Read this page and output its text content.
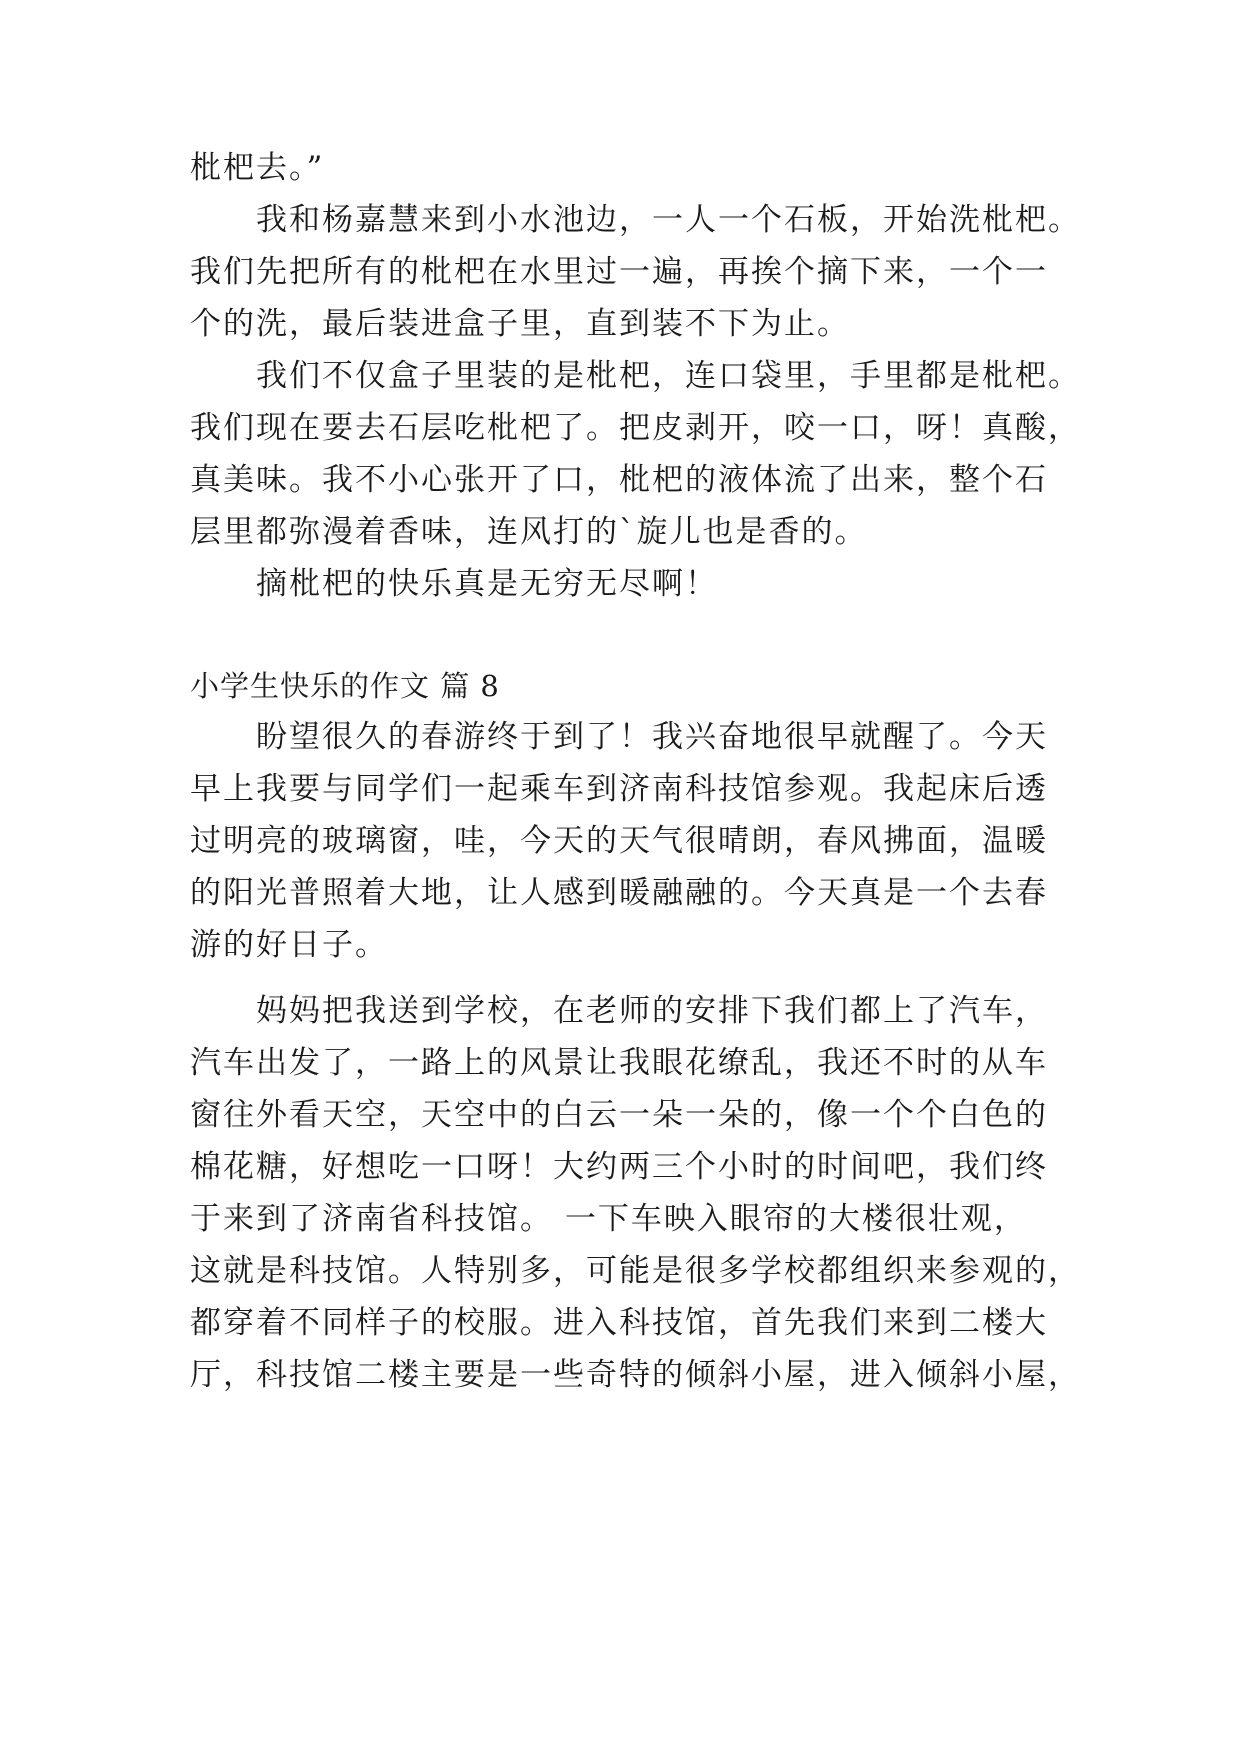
枇杷去。”
　　我和杨嘉慧来到小水池边，一人一个石板，开始洗枇杷。
我们先把所有的枇杷在水里过一遍，再挨个摘下来，一个一
个的洗，最后装进盒子里，直到装不下为止。
　　我们不仅盒子里装的是枇杷，连口袋里，手里都是枇杷。
我们现在要去石层吃枇杷了。把皮剥开，咬一口，呀！真酸，
真美味。我不小心张开了口，枇杷的液体流了出来，整个石
层里都弥漫着香味，连风打的`旋儿也是香的。
　　摘枇杷的快乐真是无穷无尽啊！
小学生快乐的作文 篇 8
　　盼望很久的春游终于到了！我兴奋地很早就醒了。今天
早上我要与同学们一起乘车到济南科技馆参观。我起床后透
过明亮的玻璃窗，哇，今天的天气很晴朗，春风拂面，温暖
的阳光普照着大地，让人感到暖融融的。今天真是一个去春
游的好日子。
　　妈妈把我送到学校，在老师的安排下我们都上了汽车，
汽车出发了，一路上的风景让我眼花缭乱，我还不时的从车
窗往外看天空，天空中的白云一朵一朵的，像一个个白色的
棉花糖，好想吃一口呀！大约两三个小时的时间吧，我们终
于来到了济南省科技馆。 一下车映入眼帘的大楼很壮观，
这就是科技馆。人特别多，可能是很多学校都组织来参观的，
都穿着不同样子的校服。进入科技馆，首先我们来到二楼大
厅，科技馆二楼主要是一些奇特的倾斜小屋，进入倾斜小屋，
